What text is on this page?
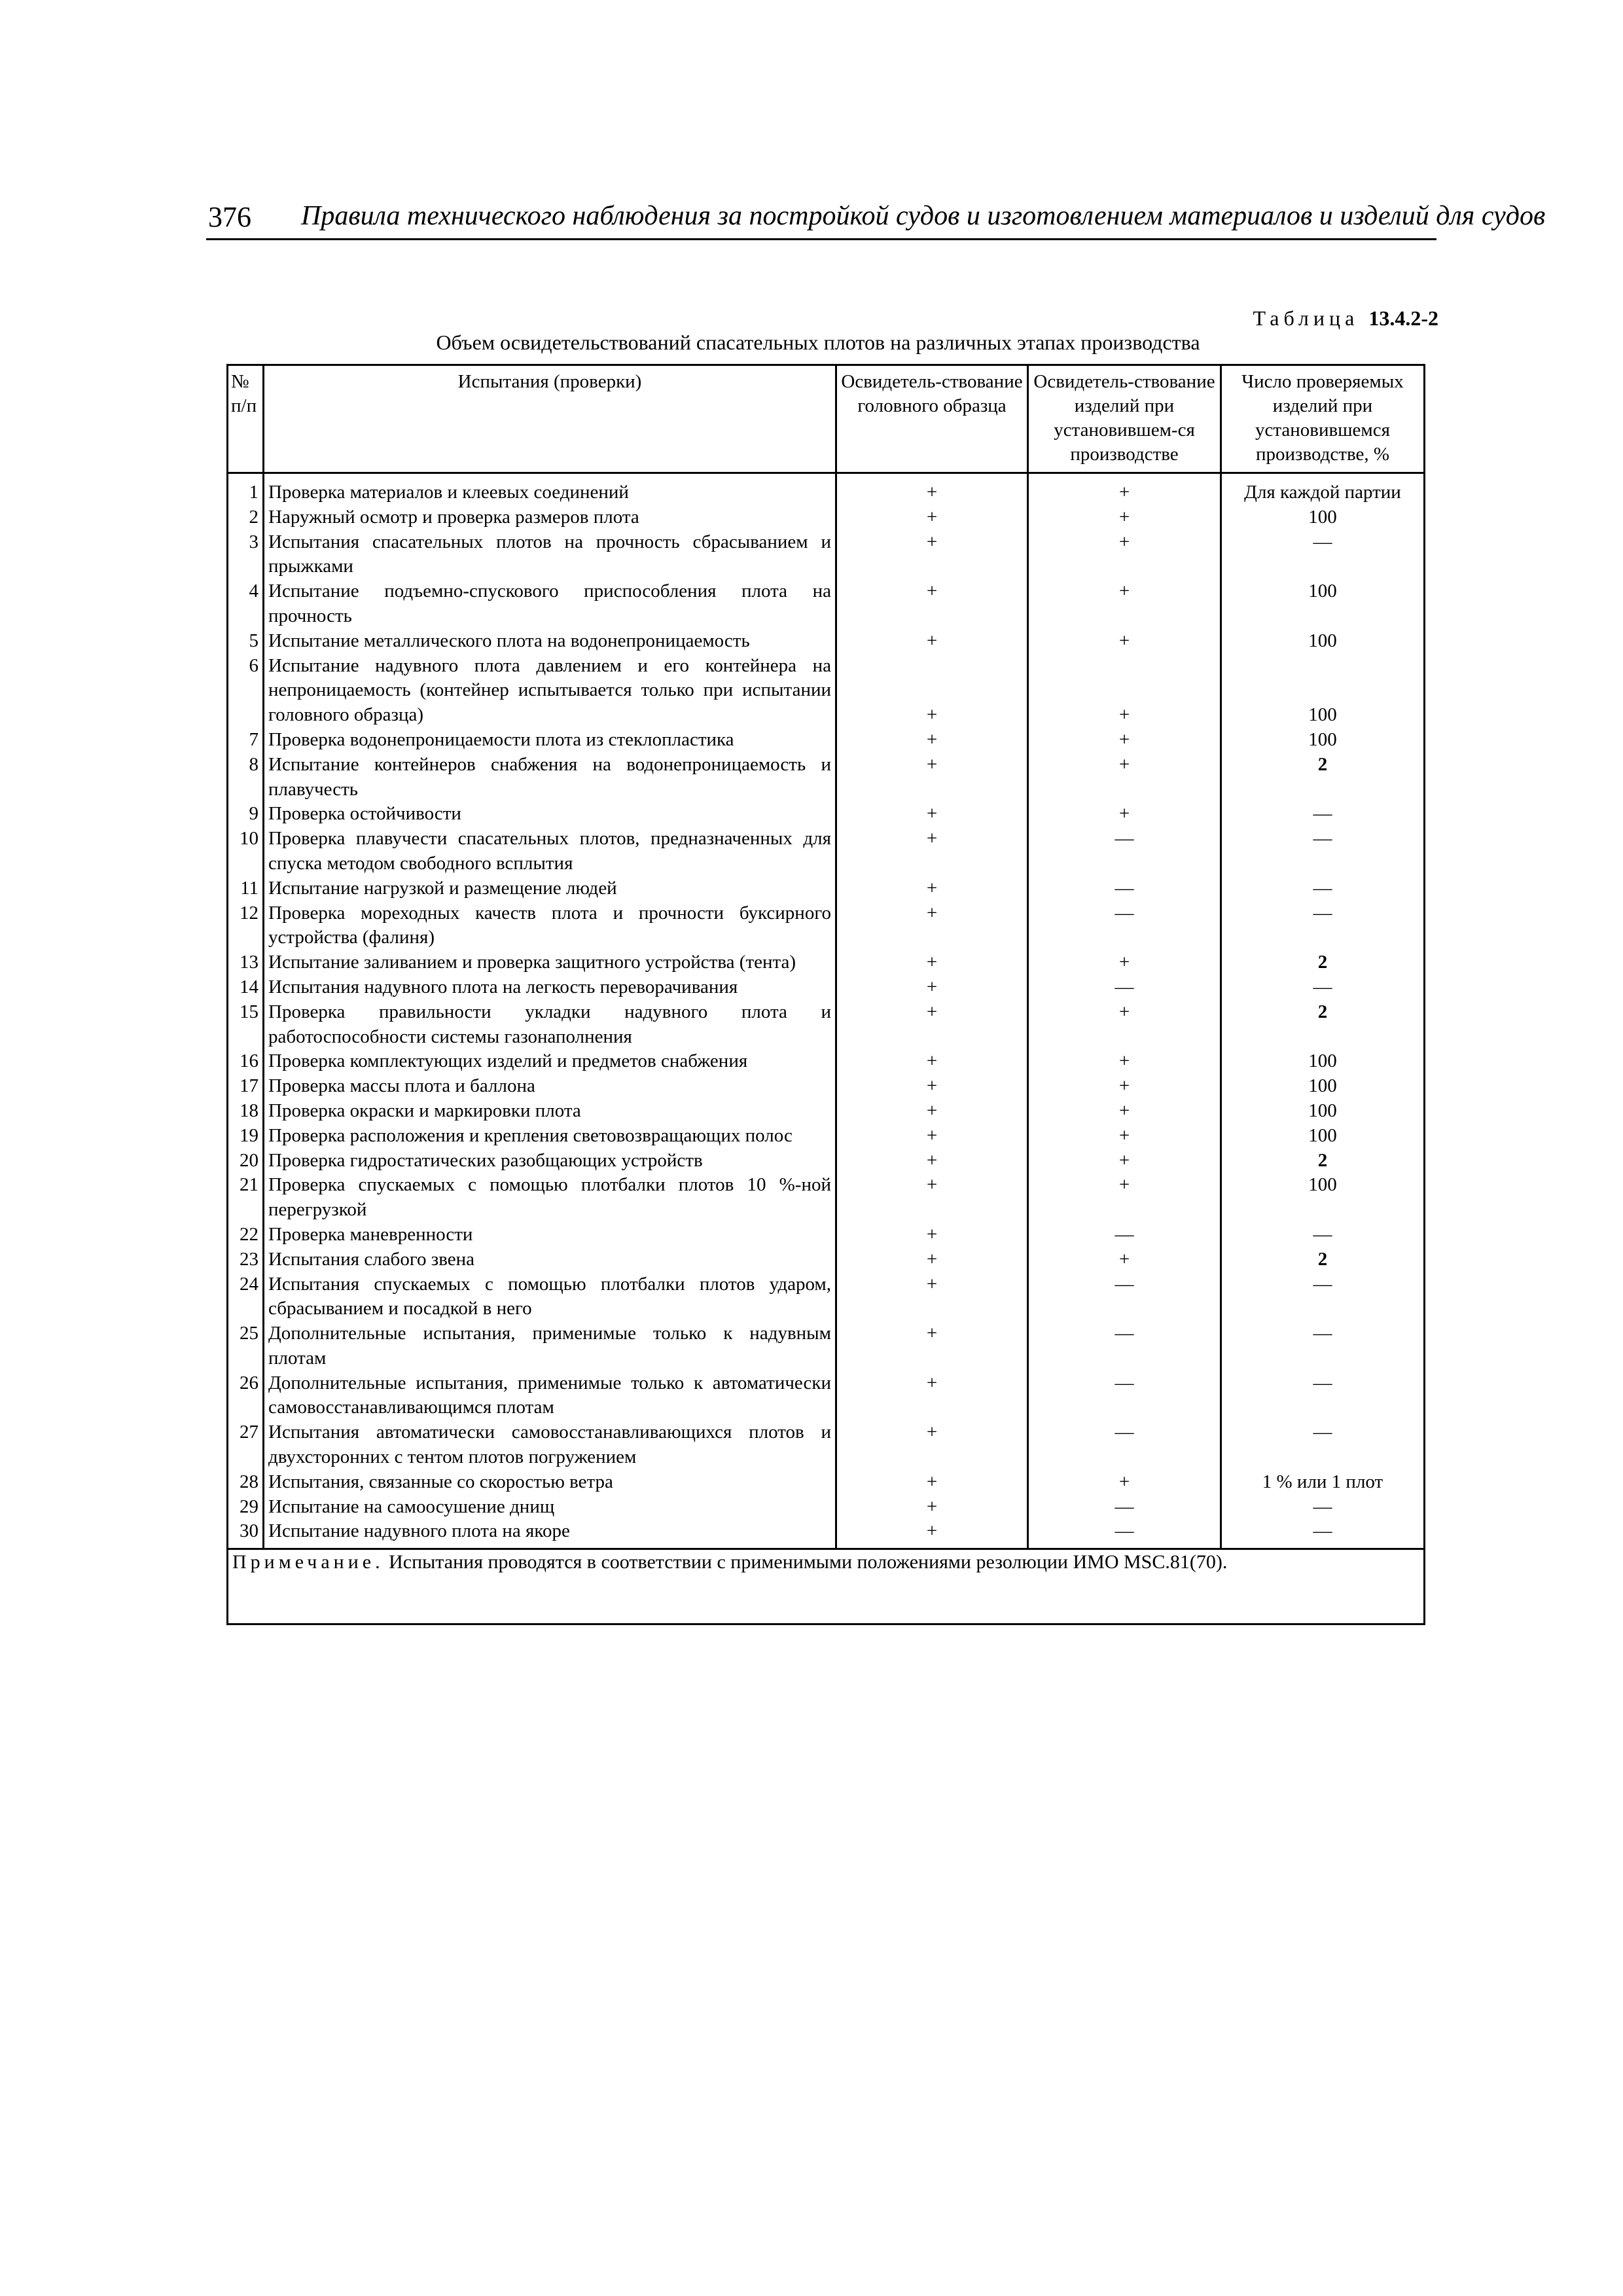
376 Правила технического наблюдения за постройкой судов и изготовлением материалов и изделий для судов
Таблица 13.4.2-2
Объем освидетельствований спасательных плотов на различных этапах производства
№ п/п	Испытания (проверки)	Освидетель-ствование головного образца	Освидетель-ствование изделий при установившем-ся производстве	Число проверяемых изделий при установившемся производстве, %
1	Проверка материалов и клеевых соединений	+	+	Для каждой партии
2	Наружный осмотр и проверка размеров плота	+	+	100
3	Испытания спасательных плотов на прочность сбрасыванием и прыжками	+	+	—
4	Испытание подъемно-спускового приспособления плота на прочность	+	+	100
5	Испытание металлического плота на водонепроницаемость	+	+	100
6	Испытание надувного плота давлением и его контейнера на непроницаемость (контейнер испытывается только при испытании головного образца)	+	+	100
7	Проверка водонепроницаемости плота из стеклопластика	+	+	100
8	Испытание контейнеров снабжения на водонепроницаемость и плавучесть	+	+	2
9	Проверка остойчивости	+	+	—
10	Проверка плавучести спасательных плотов, предназначенных для спуска методом свободного всплытия	+	—	—
11	Испытание нагрузкой и размещение людей	+	—	—
12	Проверка мореходных качеств плота и прочности буксирного устройства (фалиня)	+	—	—
13	Испытание заливанием и проверка защитного устройства (тента)	+	+	2
14	Испытания надувного плота на легкость переворачивания	+	—	—
15	Проверка правильности укладки надувного плота и работоспособности системы газонаполнения	+	+	2
16	Проверка комплектующих изделий и предметов снабжения	+	+	100
17	Проверка массы плота и баллона	+	+	100
18	Проверка окраски и маркировки плота	+	+	100
19	Проверка расположения и крепления световозвращающих полос	+	+	100
20	Проверка гидростатических разобщающих устройств	+	+	2
21	Проверка спускаемых с помощью плотбалки плотов 10 %-ной перегрузкой	+	+	100
22	Проверка маневренности	+	—	—
23	Испытания слабого звена	+	+	2
24	Испытания спускаемых с помощью плотбалки плотов ударом, сбрасыванием и посадкой в него	+	—	—
25	Дополнительные испытания, применимые только к надувным плотам	+	—	—
26	Дополнительные испытания, применимые только к автоматически самовосстанавливающимся плотам	+	—	—
27	Испытания автоматически самовосстанавливающихся плотов и двухсторонних с тентом плотов погружением	+	—	—
28	Испытания, связанные со скоростью ветра	+	+	1 % или 1 плот
29	Испытание на самоосушение днищ	+	—	—
30	Испытание надувного плота на якоре	+	—	—
Примечание. Испытания проводятся в соответствии с применимыми положениями резолюции ИМО MSC.81(70).				
